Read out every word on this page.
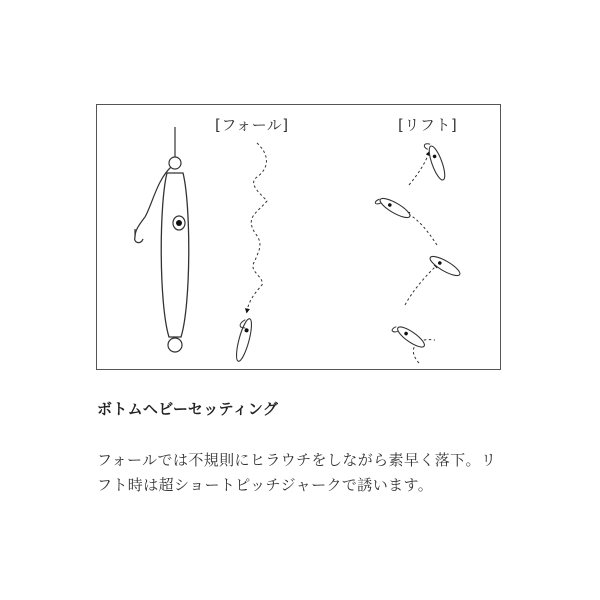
[フォール]	[リフト]
ボトムヘビーセッティング
フォールでは不規則にヒラウチをしながら素早く落下。リフト時は超ショートピッチジャークで誘います。
